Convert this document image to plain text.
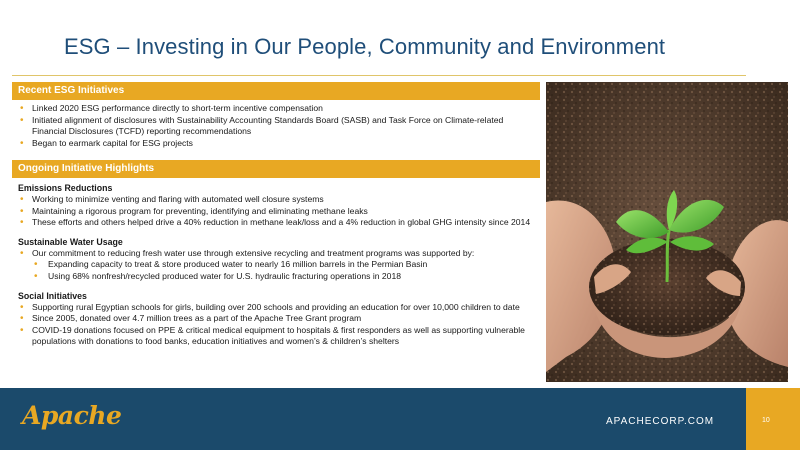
ESG – Investing in Our People, Community and Environment
Recent ESG Initiatives
• Linked 2020 ESG performance directly to short-term incentive compensation
• Initiated alignment of disclosures with Sustainability Accounting Standards Board (SASB) and Task Force on Climate-related Financial Disclosures (TCFD) reporting recommendations
• Began to earmark capital for ESG projects
Ongoing Initiative Highlights
Emissions Reductions
• Working to minimize venting and flaring with automated well closure systems
• Maintaining a rigorous program for preventing, identifying and eliminating methane leaks
• These efforts and others helped drive a 40% reduction in methane leak/loss and a 4% reduction in global GHG intensity since 2014
Sustainable Water Usage
• Our commitment to reducing fresh water use through extensive recycling and treatment programs was supported by:
• Expanding capacity to treat & store produced water to nearly 16 million barrels in the Permian Basin
• Using 68% nonfresh/recycled produced water for U.S. hydraulic fracturing operations in 2018
Social Initiatives
• Supporting rural Egyptian schools for girls, building over 200 schools and providing an education for over 10,000 children to date
• Since 2005, donated over 4.7 million trees as a part of the Apache Tree Grant program
• COVID-19 donations focused on PPE & critical medical equipment to hospitals & first responders as well as supporting vulnerable populations with donations to food banks, education initiatives and women’s & children’s shelters
Apache	APACHECORP.COM	10
